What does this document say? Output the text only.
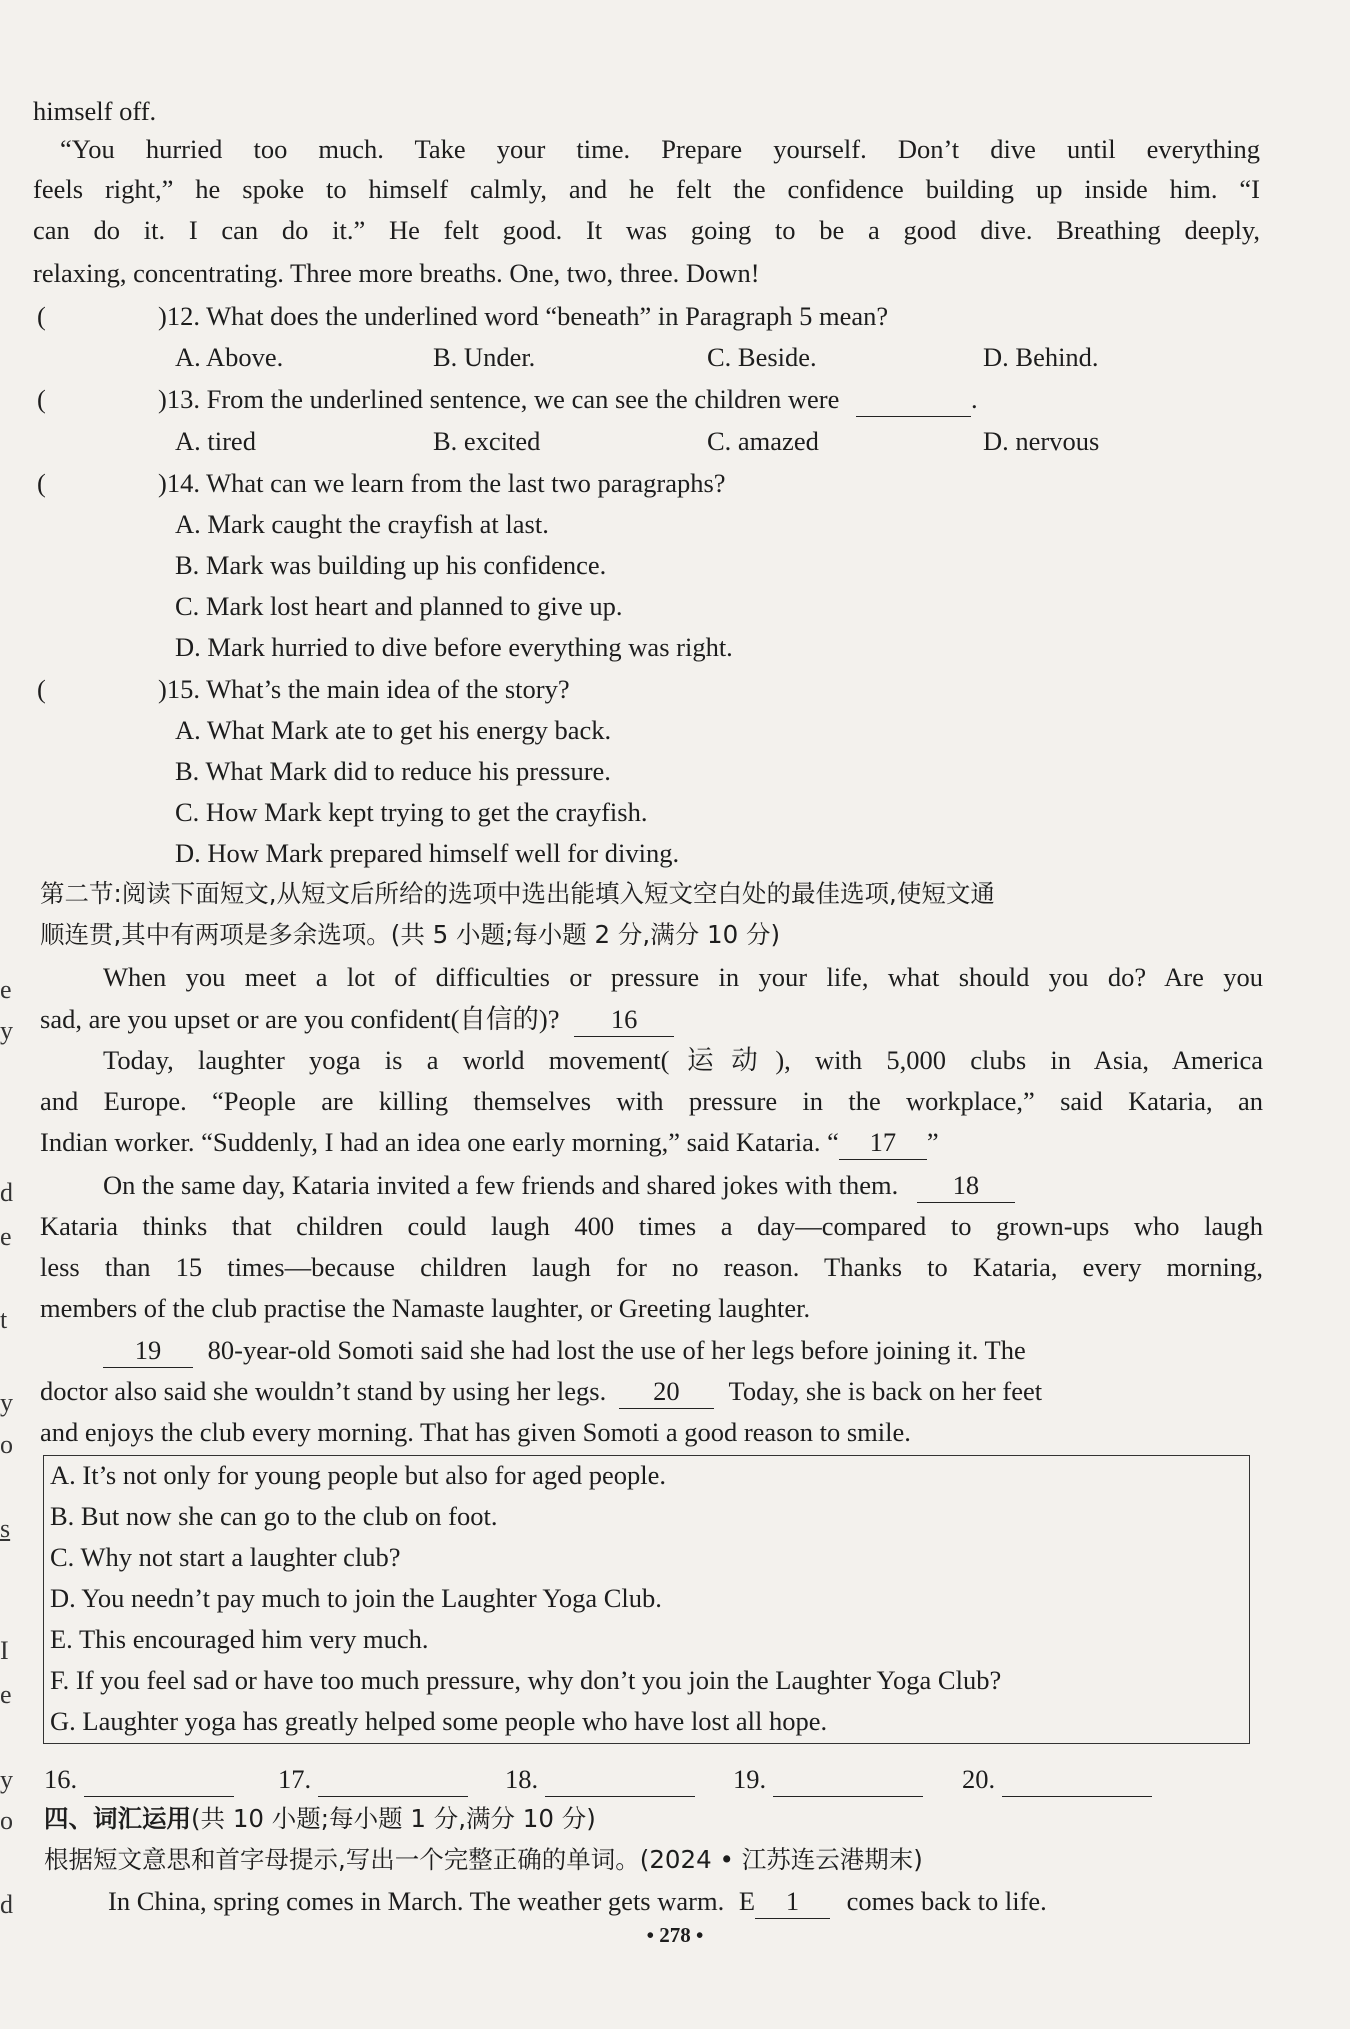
himself off.
“You hurried too much. Take your time. Prepare yourself. Don’t dive until everything
feels right,” he spoke to himself calmly, and he felt the confidence building up inside him. “I
can do it. I can do it.” He felt good. It was going to be a good dive. Breathing deeply,
relaxing, concentrating. Three more breaths. One, two, three. Down!
(	)12. What does the underlined word “beneath” in Paragraph 5 mean?
A. Above.	B. Under.	C. Beside.	D. Behind.
(	)13. From the underlined sentence, we can see the children were	.
A. tired	B. excited	C. amazed	D. nervous
(	)14. What can we learn from the last two paragraphs?
A. Mark caught the crayfish at last.
B. Mark was building up his confidence.
C. Mark lost heart and planned to give up.
D. Mark hurried to dive before everything was right.
(	)15. What’s the main idea of the story?
A. What Mark ate to get his energy back.
B. What Mark did to reduce his pressure.
C. How Mark kept trying to get the crayfish.
D. How Mark prepared himself well for diving.
第二节:阅读下面短文,从短文后所给的选项中选出能填入短文空白处的最佳选项,使短文通
顺连贯,其中有两项是多余选项。(共 5 小题;每小题 2 分,满分 10 分)
When you meet a lot of difficulties or pressure in your life, what should you do? Are you
sad, are you upset or are you confident(自信的)? 16
Today, laughter yoga is a world movement(运动), with 5,000 clubs in Asia, America
and Europe. “People are killing themselves with pressure in the workplace,” said Kataria, an
Indian worker. “Suddenly, I had an idea one early morning,” said Kataria. “ 17 ”
On the same day, Kataria invited a few friends and shared jokes with them. 18
Kataria thinks that children could laugh 400 times a day—compared to grown-ups who laugh
less than 15 times—because children laugh for no reason. Thanks to Kataria, every morning,
members of the club practise the Namaste laughter, or Greeting laughter.
19 80-year-old Somoti said she had lost the use of her legs before joining it. The
doctor also said she wouldn’t stand by using her legs. 20 Today, she is back on her feet
and enjoys the club every morning. That has given Somoti a good reason to smile.
A. It’s not only for young people but also for aged people.
B. But now she can go to the club on foot.
C. Why not start a laughter club?
D. You needn’t pay much to join the Laughter Yoga Club.
E. This encouraged him very much.
F. If you feel sad or have too much pressure, why don’t you join the Laughter Yoga Club?
G. Laughter yoga has greatly helped some people who have lost all hope.
16.	17.	18.	19.	20.
四、词汇运用(共 10 小题;每小题 1 分,满分 10 分)
根据短文意思和首字母提示,写出一个完整正确的单词。(2024 • 江苏连云港期末)
In China, spring comes in March. The weather gets warm. E 1 comes back to life.
• 278 •
e
y
d
e
t
y
o
s
I
e
y
o
d
